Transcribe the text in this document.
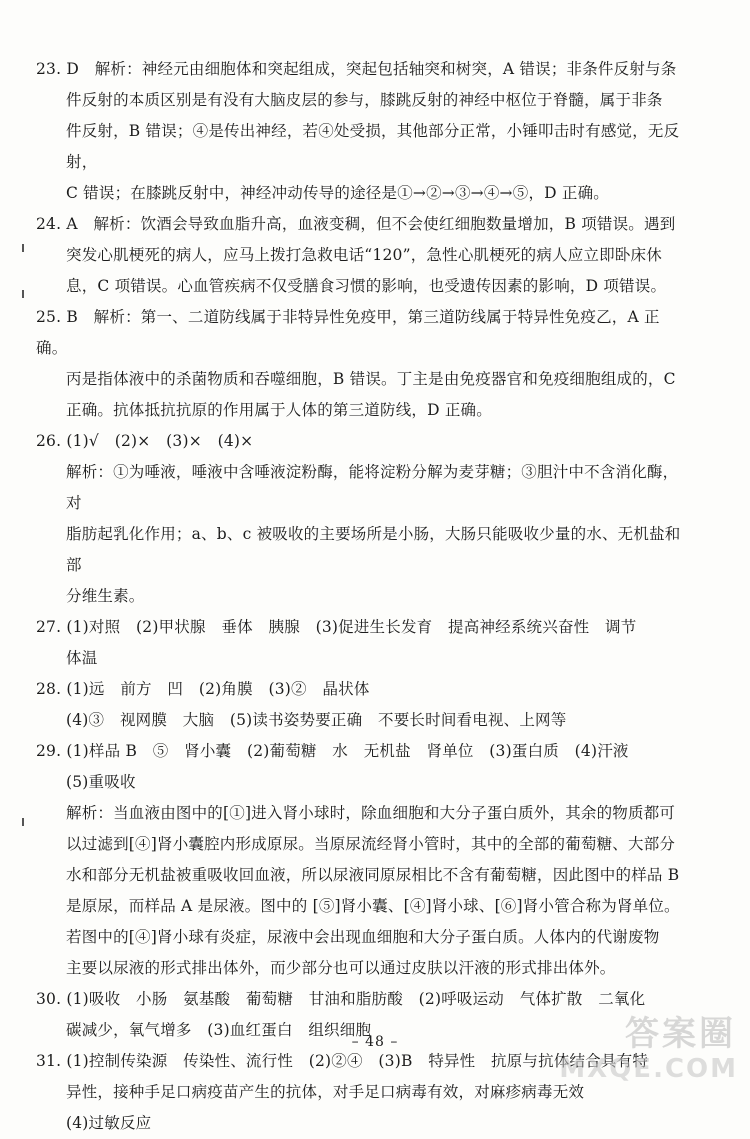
23. D　解析：神经元由细胞体和突起组成，突起包括轴突和树突，A 错误；非条件反射与条
件反射的本质区别是有没有大脑皮层的参与，膝跳反射的神经中枢位于脊髓，属于非条
件反射，B 错误；④是传出神经，若④处受损，其他部分正常，小锤叩击时有感觉，无反射，
C 错误；在膝跳反射中，神经冲动传导的途径是①→②→③→④→⑤，D 正确。
24. A　解析：饮酒会导致血脂升高，血液变稠，但不会使红细胞数量增加，B 项错误。遇到
突发心肌梗死的病人，应马上拨打急救电话“120”，急性心肌梗死的病人应立即卧床休
息，C 项错误。心血管疾病不仅受膳食习惯的影响，也受遗传因素的影响，D 项错误。
25. B　解析：第一、二道防线属于非特异性免疫甲，第三道防线属于特异性免疫乙，A 正确。
丙是指体液中的杀菌物质和吞噬细胞，B 错误。丁主是由免疫器官和免疫细胞组成的，C
正确。抗体抵抗抗原的作用属于人体的第三道防线，D 正确。
26. (1)√　(2)×　(3)×　(4)×
解析：①为唾液，唾液中含唾液淀粉酶，能将淀粉分解为麦芽糖；③胆汁中不含消化酶，对
脂肪起乳化作用；a、b、c 被吸收的主要场所是小肠，大肠只能吸收少量的水、无机盐和部
分维生素。
27. (1)对照　(2)甲状腺　垂体　胰腺　(3)促进生长发育　提高神经系统兴奋性　调节
体温
28. (1)远　前方　凹　(2)角膜　(3)②　晶状体
(4)③　视网膜　大脑　(5)读书姿势要正确　不要长时间看电视、上网等
29. (1)样品 B　⑤　肾小囊　(2)葡萄糖　水　无机盐　肾单位　(3)蛋白质　(4)汗液
(5)重吸收
解析：当血液由图中的[①]进入肾小球时，除血细胞和大分子蛋白质外，其余的物质都可
以过滤到[④]肾小囊腔内形成原尿。当原尿流经肾小管时，其中的全部的葡萄糖、大部分
水和部分无机盐被重吸收回血液，所以尿液同原尿相比不含有葡萄糖，因此图中的样品 B
是原尿，而样品 A 是尿液。图中的 [⑤]肾小囊、[④]肾小球、[⑥]肾小管合称为肾单位。
若图中的[④]肾小球有炎症，尿液中会出现血细胞和大分子蛋白质。人体内的代谢废物
主要以尿液的形式排出体外，而少部分也可以通过皮肤以汗液的形式排出体外。
30. (1)吸收　小肠　氨基酸　葡萄糖　甘油和脂肪酸　(2)呼吸运动　气体扩散　二氧化
碳减少，氧气增多　(3)血红蛋白　组织细胞
31. (1)控制传染源　传染性、流行性　(2)②④　(3)B　特异性　抗原与抗体结合具有特
异性，接种手足口病疫苗产生的抗体，对手足口病毒有效，对麻疹病毒无效
(4)过敏反应
– 48 –	答案圈
MXQE.COM
